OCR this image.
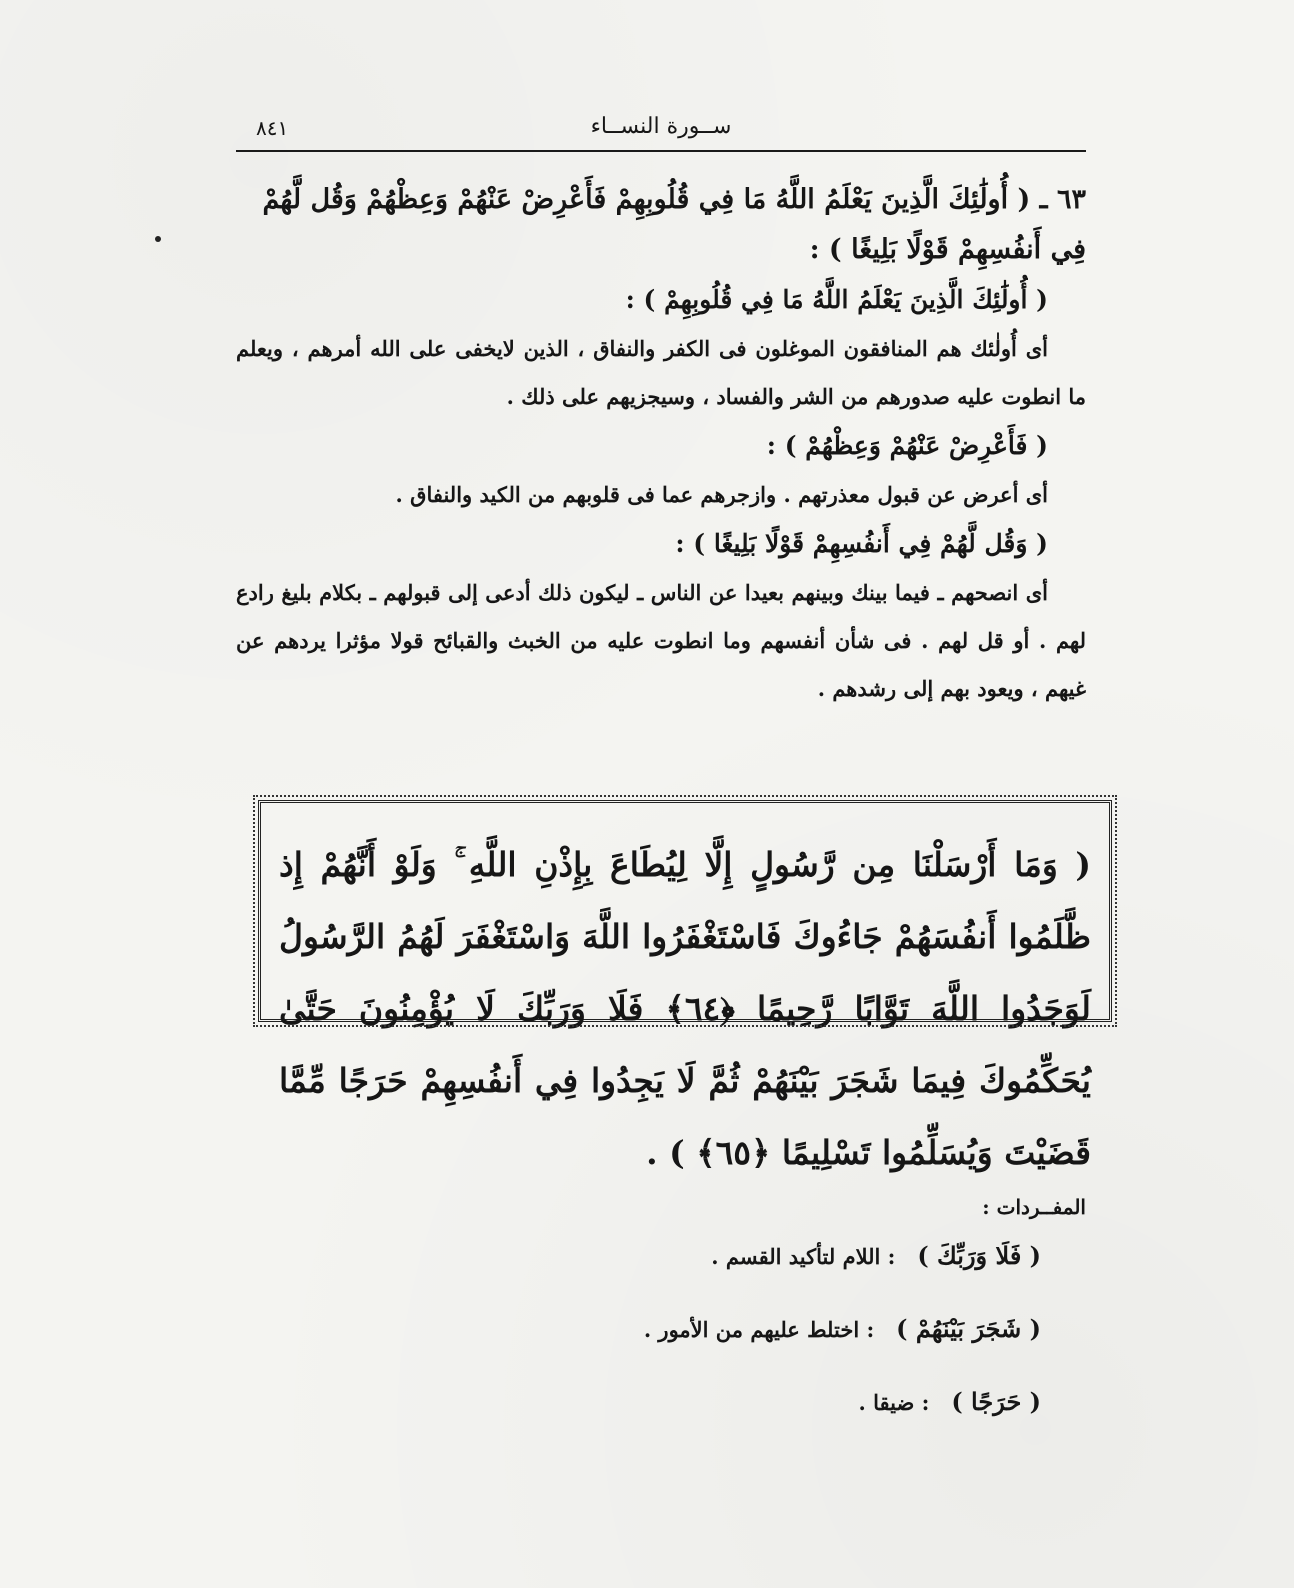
ســورة النســاء
٨٤١

٦٣ ـ ( أُولَٰئِكَ الَّذِينَ يَعْلَمُ اللَّهُ مَا فِي قُلُوبِهِمْ فَأَعْرِضْ عَنْهُمْ وَعِظْهُمْ وَقُل لَّهُمْ

فِي أَنفُسِهِمْ قَوْلًا بَلِيغًا ) :

( أُولَٰئِكَ الَّذِينَ يَعْلَمُ اللَّهُ مَا فِي قُلُوبِهِمْ ) :

أى أُولٰئك هم المنافقون الموغلون فى الكفر والنفاق ، الذين لايخفى على الله أمرهم ، ويعلم ما انطوت عليه صدورهم من الشر والفساد ، وسيجزيهم على ذلك .

( فَأَعْرِضْ عَنْهُمْ وَعِظْهُمْ ) :

أى أعرض عن قبول معذرتهم . وازجرهم عما فى قلوبهم من الكيد والنفاق .

( وَقُل لَّهُمْ فِي أَنفُسِهِمْ قَوْلًا بَلِيغًا ) :

أى انصحهم ـ فيما بينك وبينهم بعيدا عن الناس ـ ليكون ذلك أدعى إلى قبولهم ـ بكلام بليغ رادع لهم . أو قل لهم . فى شأن أنفسهم وما انطوت عليه من الخبث والقبائح قولا مؤثرا يردهم عن غيهم ، ويعود بهم إلى رشدهم .

( وَمَا أَرْسَلْنَا مِن رَّسُولٍ إِلَّا لِيُطَاعَ بِإِذْنِ اللَّهِ ۚ وَلَوْ أَنَّهُمْ إِذ ظَّلَمُوا أَنفُسَهُمْ جَاءُوكَ فَاسْتَغْفَرُوا اللَّهَ وَاسْتَغْفَرَ لَهُمُ الرَّسُولُ لَوَجَدُوا اللَّهَ تَوَّابًا رَّحِيمًا ﴿٦٤﴾ فَلَا وَرَبِّكَ لَا يُؤْمِنُونَ حَتَّىٰ يُحَكِّمُوكَ فِيمَا شَجَرَ بَيْنَهُمْ ثُمَّ لَا يَجِدُوا فِي أَنفُسِهِمْ حَرَجًا مِّمَّا قَضَيْتَ وَيُسَلِّمُوا تَسْلِيمًا ﴿٦٥﴾ ) .

المفــردات :

( فَلَا وَرَبِّكَ )   : اللام لتأكيد القسم .

( شَجَرَ بَيْنَهُمْ )   : اختلط عليهم من الأمور .

( حَرَجًا )   : ضيقا .
